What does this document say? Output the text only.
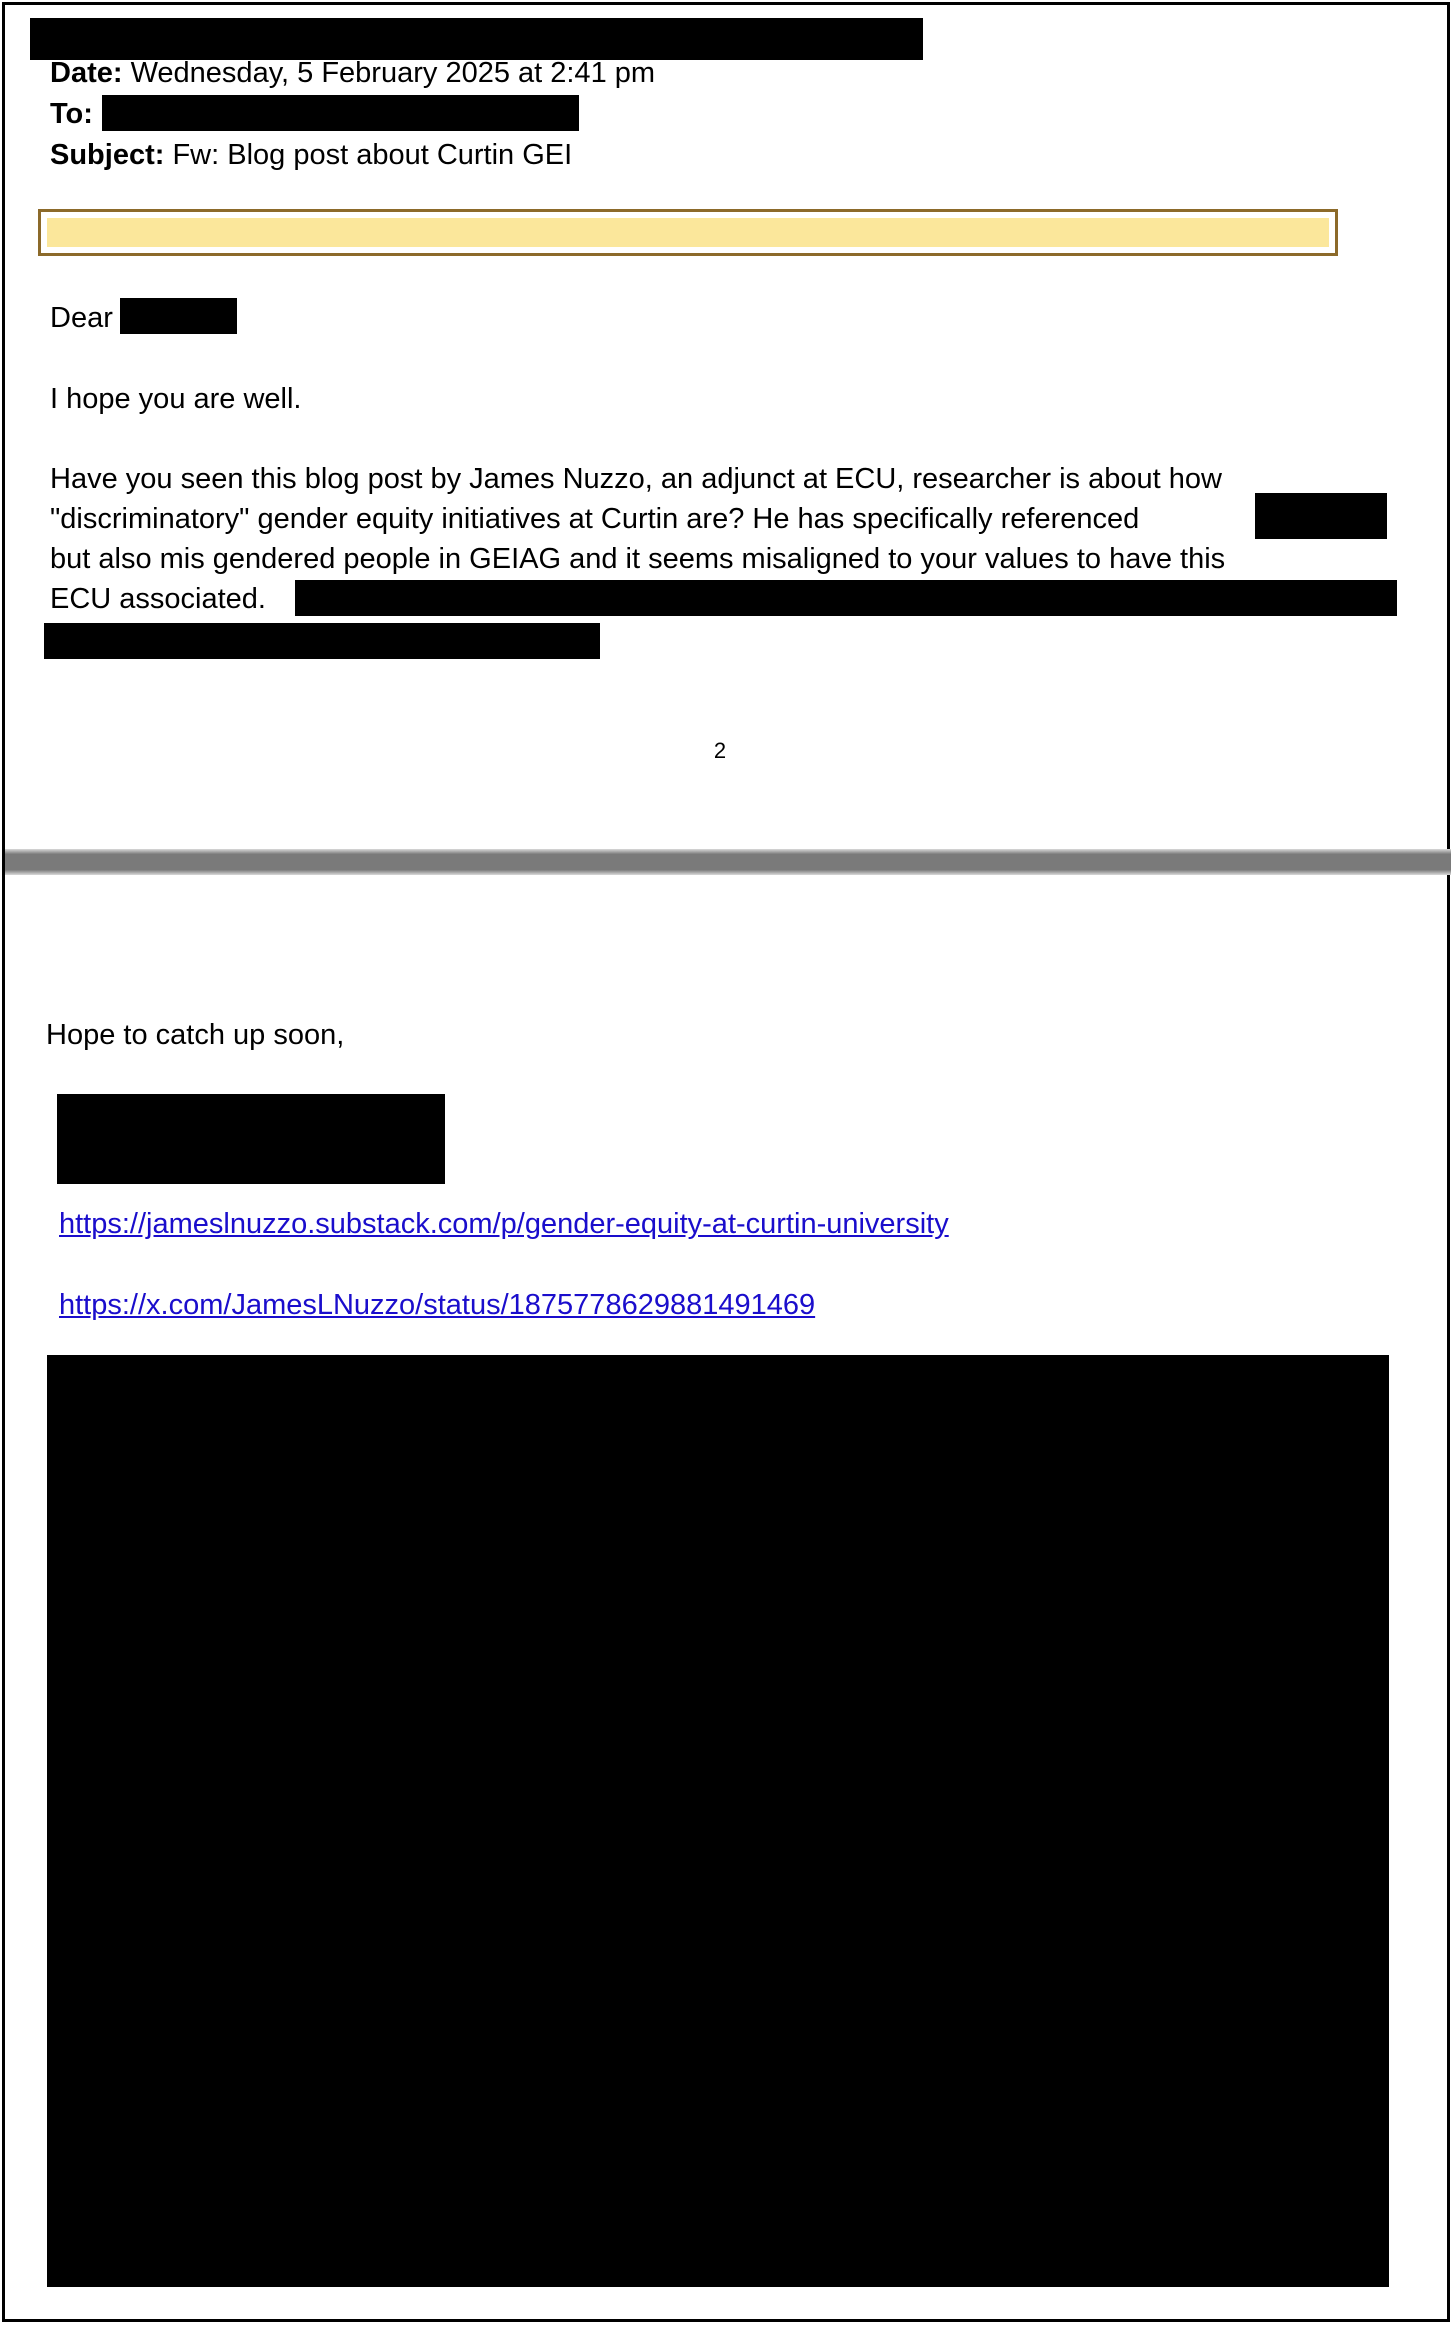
Date: Wednesday, 5 February 2025 at 2:41 pm
To:
Subject: Fw: Blog post about Curtin GEI
Dear
I hope you are well.
Have you seen this blog post by James Nuzzo, an adjunct at ECU, researcher is about how
"discriminatory" gender equity initiatives at Curtin are? He has specifically referenced
but also mis gendered people in GEIAG and it seems misaligned to your values to have this
ECU associated.
2
Hope to catch up soon,
https://jameslnuzzo.substack.com/p/gender-equity-at-curtin-university
https://x.com/JamesLNuzzo/status/1875778629881491469
